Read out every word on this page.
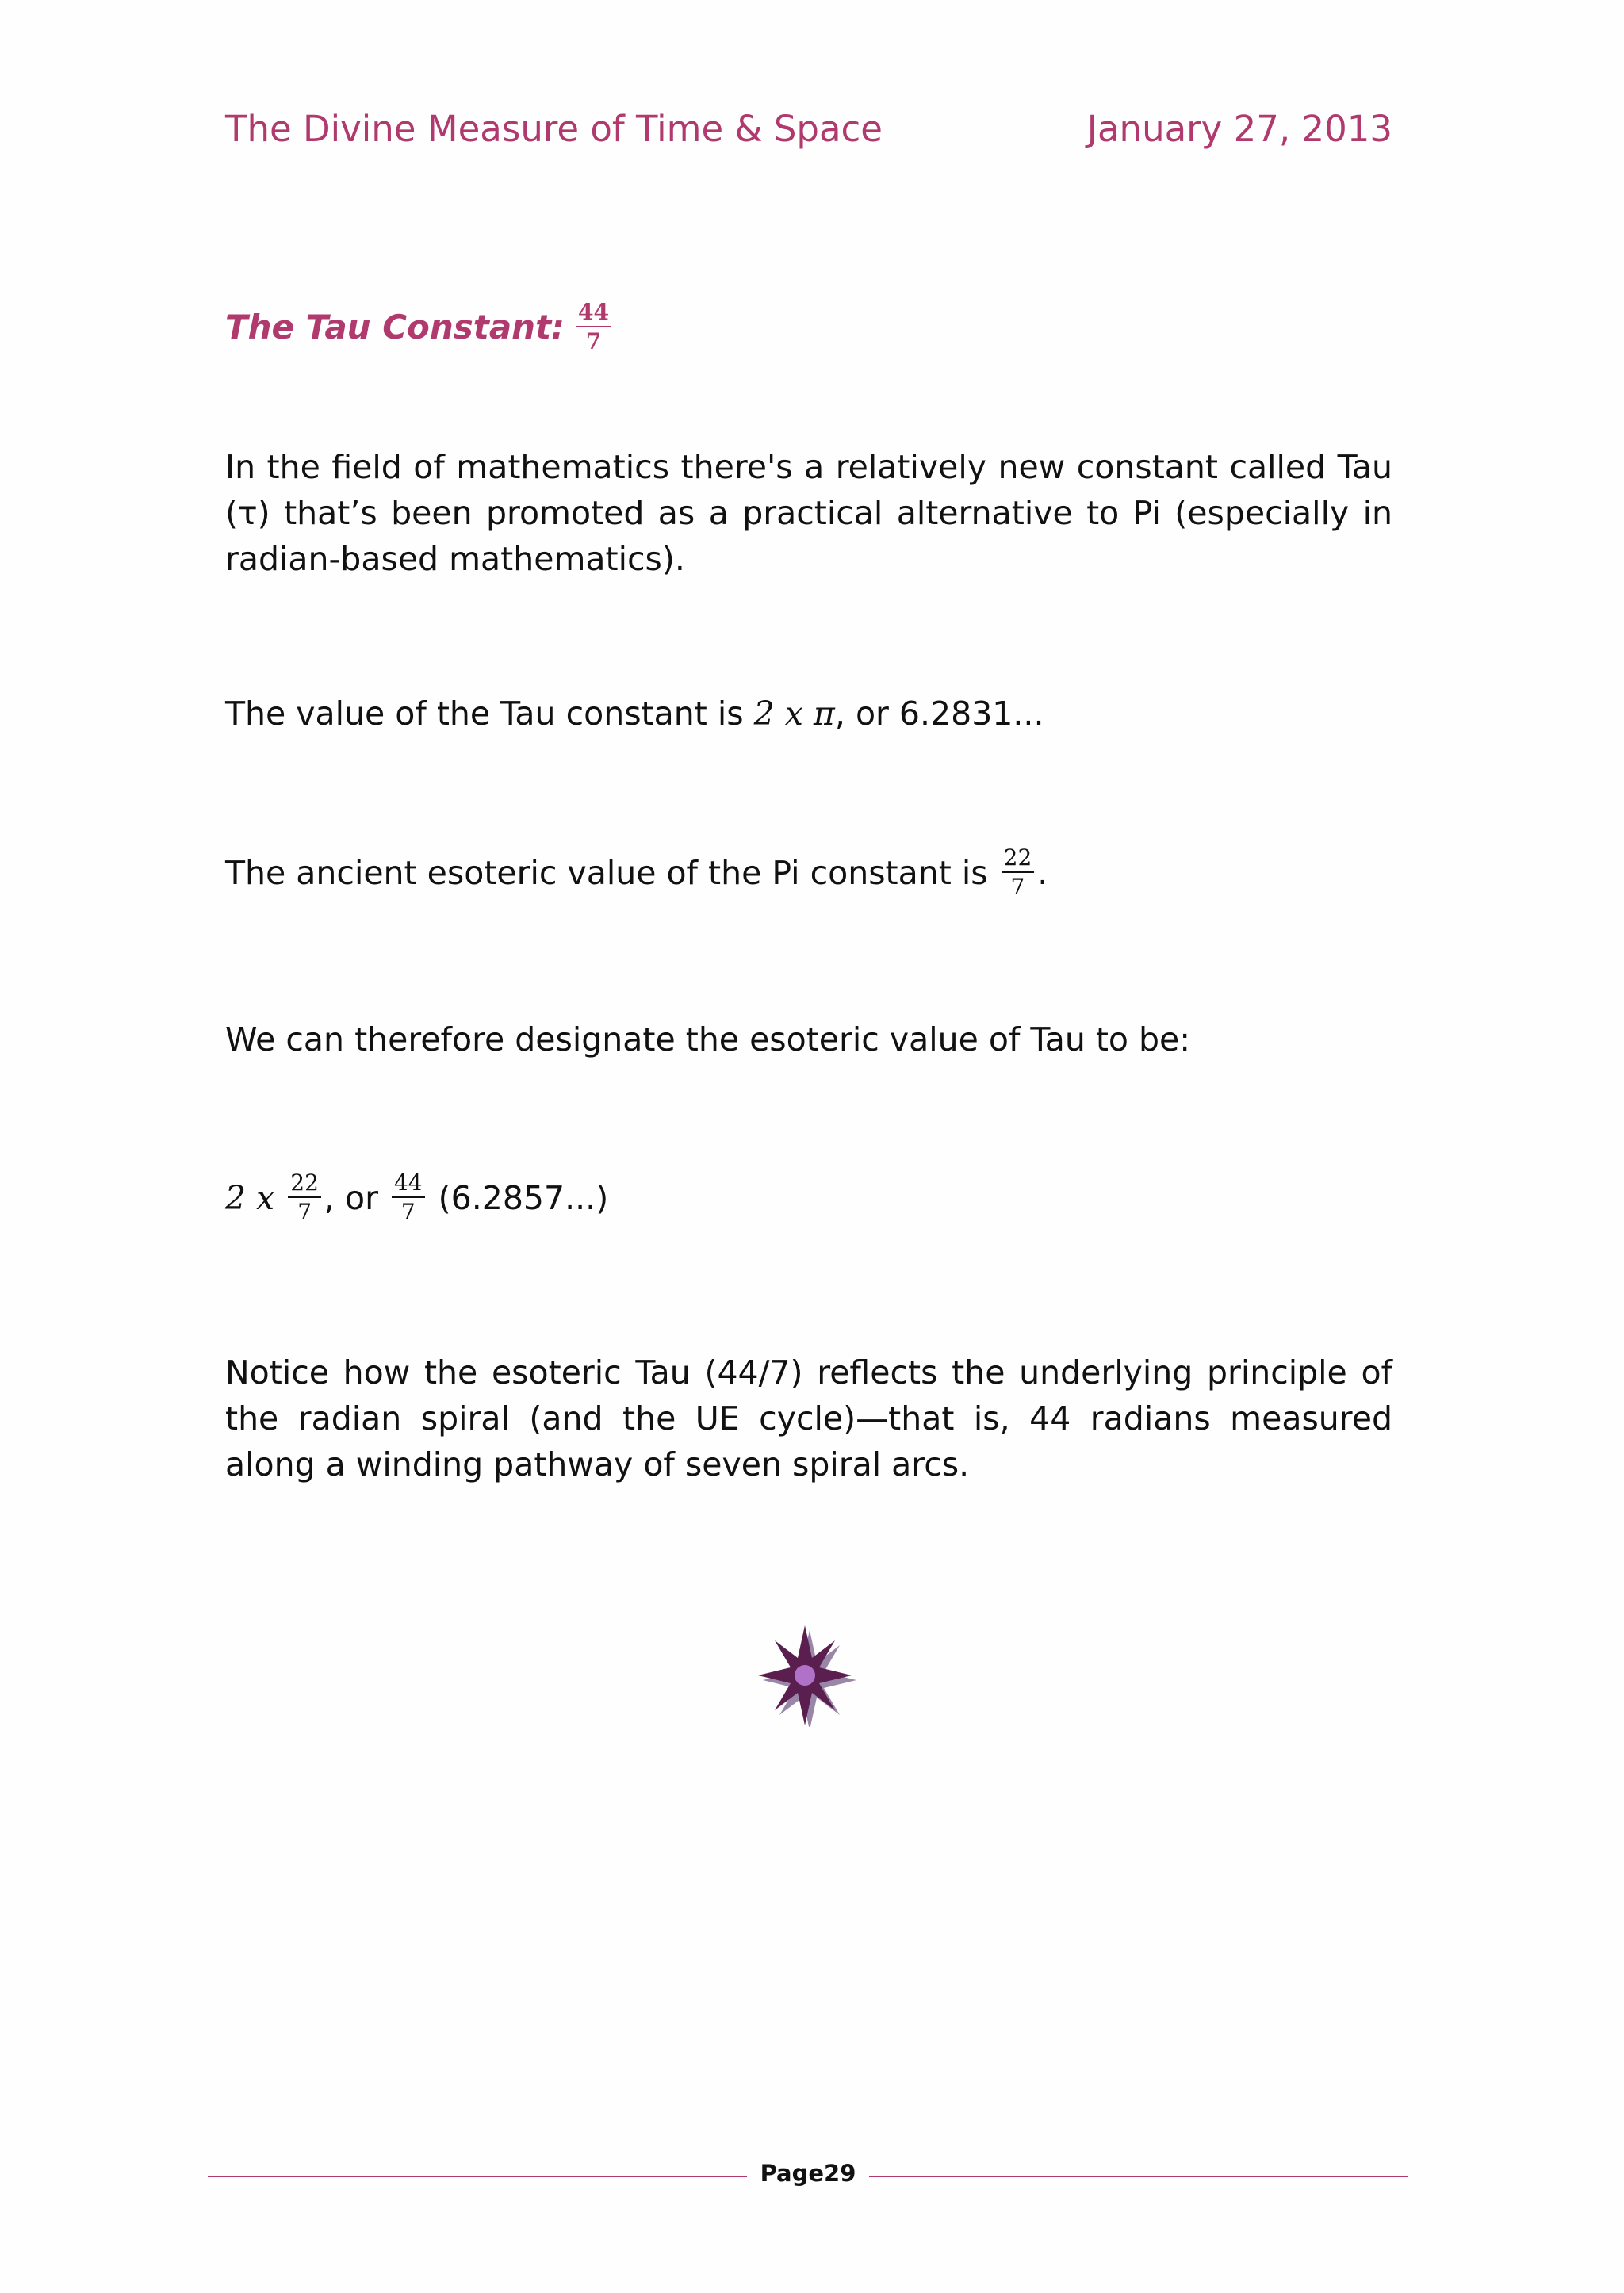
The Divine Measure of Time & Space	January 27, 2013
The Tau Constant: $\frac{44}{7}$
In the field of mathematics there's a relatively new constant called Tau (τ) that’s been promoted as a practical alternative to Pi (especially in radian-based mathematics).
The value of the Tau constant is 2 x π , or 6.2831...
The ancient esoteric value of the Pi constant is $\frac{22}{7}$ .
We can therefore designate the esoteric value of Tau to be:
2 x $\frac{22}{7}$ , or $\frac{44}{7} (6.2857...)$
Notice how the esoteric Tau (44/7) reflects the underlying principle of the radian spiral (and the UE cycle)—that is, 44 radians measured along a winding pathway of seven spiral arcs.
Page29
